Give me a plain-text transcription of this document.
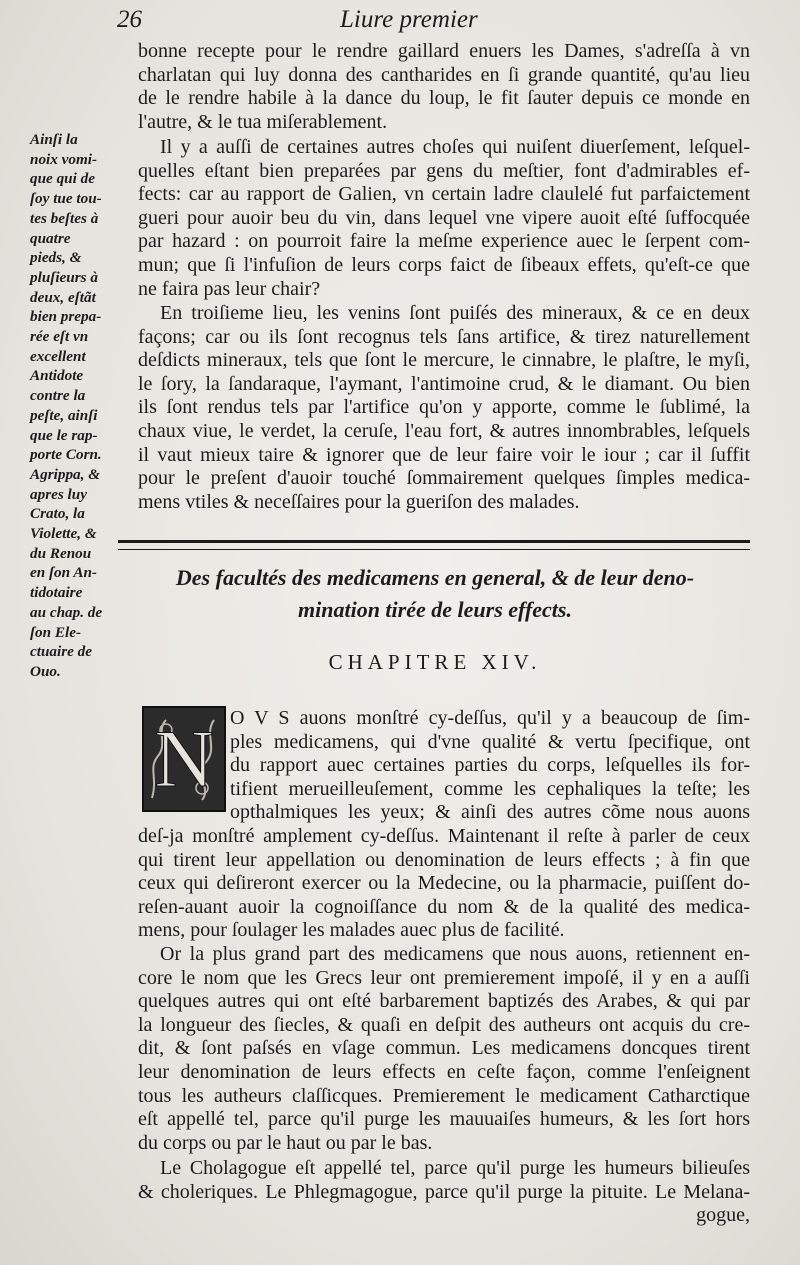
26	Liure premier
Ainſi la
noix vomi-
que qui de
ſoy tue tou-
tes beſtes à
quatre
pieds, &
pluſieurs à
deux, eſtãt
bien prepa-
rée eſt vn
excellent
Antidote
contre la
peſte, ainſi
que le rap-
porte Corn.
Agrippa, &
apres luy
Crato, la
Violette, &
du Renou
en ſon An-
tidotaire
au chap. de
ſon Ele-
ctuaire de
Ouo.
bonne recepte pour le rendre gaillard enuers les Dames, s'adreſſa à vn
charlatan qui luy donna des cantharides en ſi grande quantité, qu'au lieu
de le rendre habile à la dance du loup, le fit ſauter depuis ce monde en
l'autre, & le tua miſerablement.
Il y a auſſi de certaines autres choſes qui nuiſent diuerſement, leſquel-
quelles eſtant bien preparées par gens du meſtier, font d'admirables ef-
fects: car au rapport de Galien, vn certain ladre claulelé fut parfaictement
gueri pour auoir beu du vin, dans lequel vne vipere auoit eſté ſuffocquée
par hazard : on pourroit faire la meſme experience auec le ſerpent com-
mun; que ſi l'infuſion de leurs corps faict de ſibeaux effets, qu'eſt-ce que
ne faira pas leur chair?
En troiſieme lieu, les venins ſont puiſés des mineraux, & ce en deux
façons; car ou ils ſont recognus tels ſans artifice, & tirez naturellement
deſdicts mineraux, tels que ſont le mercure, le cinnabre, le plaſtre, le myſi,
le ſory, la ſandaraque, l'aymant, l'antimoine crud, & le diamant. Ou bien
ils ſont rendus tels par l'artifice qu'on y apporte, comme le ſublimé, la
chaux viue, le verdet, la ceruſe, l'eau fort, & autres innombrables, leſquels
il vaut mieux taire & ignorer que de leur faire voir le iour ; car il ſuffit
pour le preſent d'auoir touché ſommairement quelques ſimples medica-
mens vtiles & neceſſaires pour la gueriſon des malades.
Des facultés des medicamens en general, & de leur deno-
mination tirée de leurs effects.
CHAPITRE XIV.
N O V S auons monſtré cy-deſſus, qu'il y a beaucoup de ſim-
ples medicamens, qui d'vne qualité & vertu ſpecifique, ont
du rapport auec certaines parties du corps, leſquelles ils for-
tifient merueilleuſement, comme les cephaliques la teſte; les
opthalmiques les yeux; & ainſi des autres cõme nous auons
deſ-ja monſtré amplement cy-deſſus. Maintenant il reſte à parler de ceux
qui tirent leur appellation ou denomination de leurs effects ; à fin que
ceux qui deſireront exercer ou la Medecine, ou la pharmacie, puiſſent do-
reſen-auant auoir la cognoiſſance du nom & de la qualité des medica-
mens, pour ſoulager les malades auec plus de facilité.
Or la plus grand part des medicamens que nous auons, retiennent en-
core le nom que les Grecs leur ont premierement impoſé, il y en a auſſi
quelques autres qui ont eſté barbarement baptizés des Arabes, & qui par
la longueur des ſiecles, & quaſi en deſpit des autheurs ont acquis du cre-
dit, & ſont paſsés en vſage commun. Les medicamens doncques tirent
leur denomination de leurs effects en ceſte façon, comme l'enſeignent
tous les autheurs claſſicques. Premierement le medicament Catharctique
eſt appellé tel, parce qu'il purge les mauuaiſes humeurs, & les ſort hors
du corps ou par le haut ou par le bas.
Le Cholagogue eſt appellé tel, parce qu'il purge les humeurs bilieuſes
& choleriques. Le Phlegmagogue, parce qu'il purge la pituite. Le Melana-
gogue,
